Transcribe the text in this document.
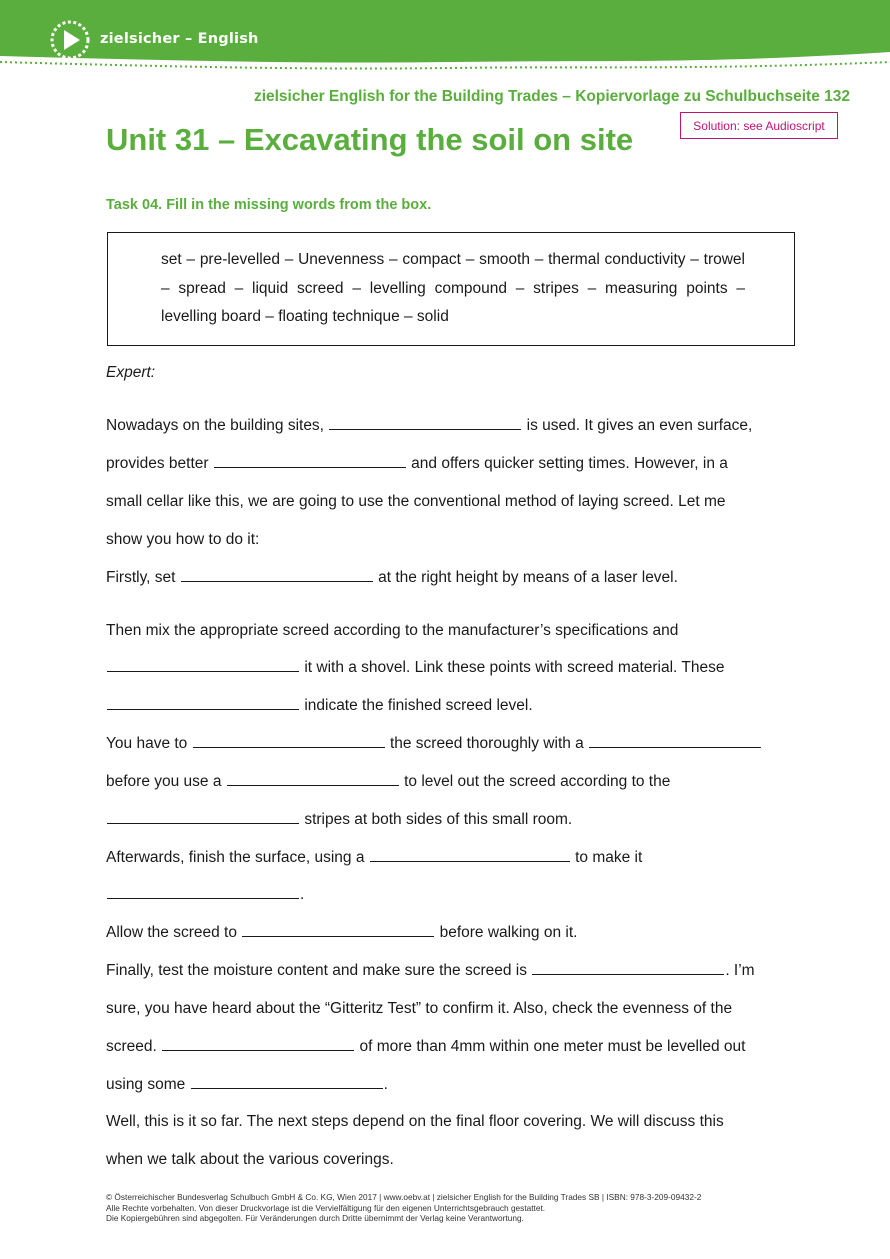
zielsicher – English
zielsicher English for the Building Trades – Kopiervorlage zu Schulbuchseite 132
Unit 31 – Excavating the soil on site	Solution: see Audioscript
Task 04. Fill in the missing words from the box.
set – pre-levelled – Unevenness – compact – smooth – thermal conductivity – trowel – spread – liquid screed – levelling compound – stripes – measuring points – levelling board – floating technique – solid
Expert:
Nowadays on the building sites,	is used. It gives an even surface,
provides better	and offers quicker setting times. However, in a
small cellar like this, we are going to use the conventional method of laying screed. Let me
show you how to do it:
Firstly, set	at the right height by means of a laser level.
Then mix the appropriate screed according to the manufacturer’s specifications and
it with a shovel. Link these points with screed material. These
indicate the finished screed level.
You have to	the screed thoroughly with a
before you use a	to level out the screed according to the
stripes at both sides of this small room.
Afterwards, finish the surface, using a	to make it
.
Allow the screed to	before walking on it.
Finally, test the moisture content and make sure the screed is	. I’m
sure, you have heard about the “Gitteritz Test” to confirm it. Also, check the evenness of the
screed.	of more than 4mm within one meter must be levelled out
using some	.
Well, this is it so far. The next steps depend on the final floor covering. We will discuss this
when we talk about the various coverings.
© Österreichischer Bundesverlag Schulbuch GmbH & Co. KG, Wien 2017 | www.oebv.at | zielsicher English for the Building Trades SB | ISBN: 978-3-209-09432-2
Alle Rechte vorbehalten. Von dieser Druckvorlage ist die Vervielfältigung für den eigenen Unterrichtsgebrauch gestattet.
Die Kopiergebühren sind abgegolten. Für Veränderungen durch Dritte übernimmt der Verlag keine Verantwortung.
